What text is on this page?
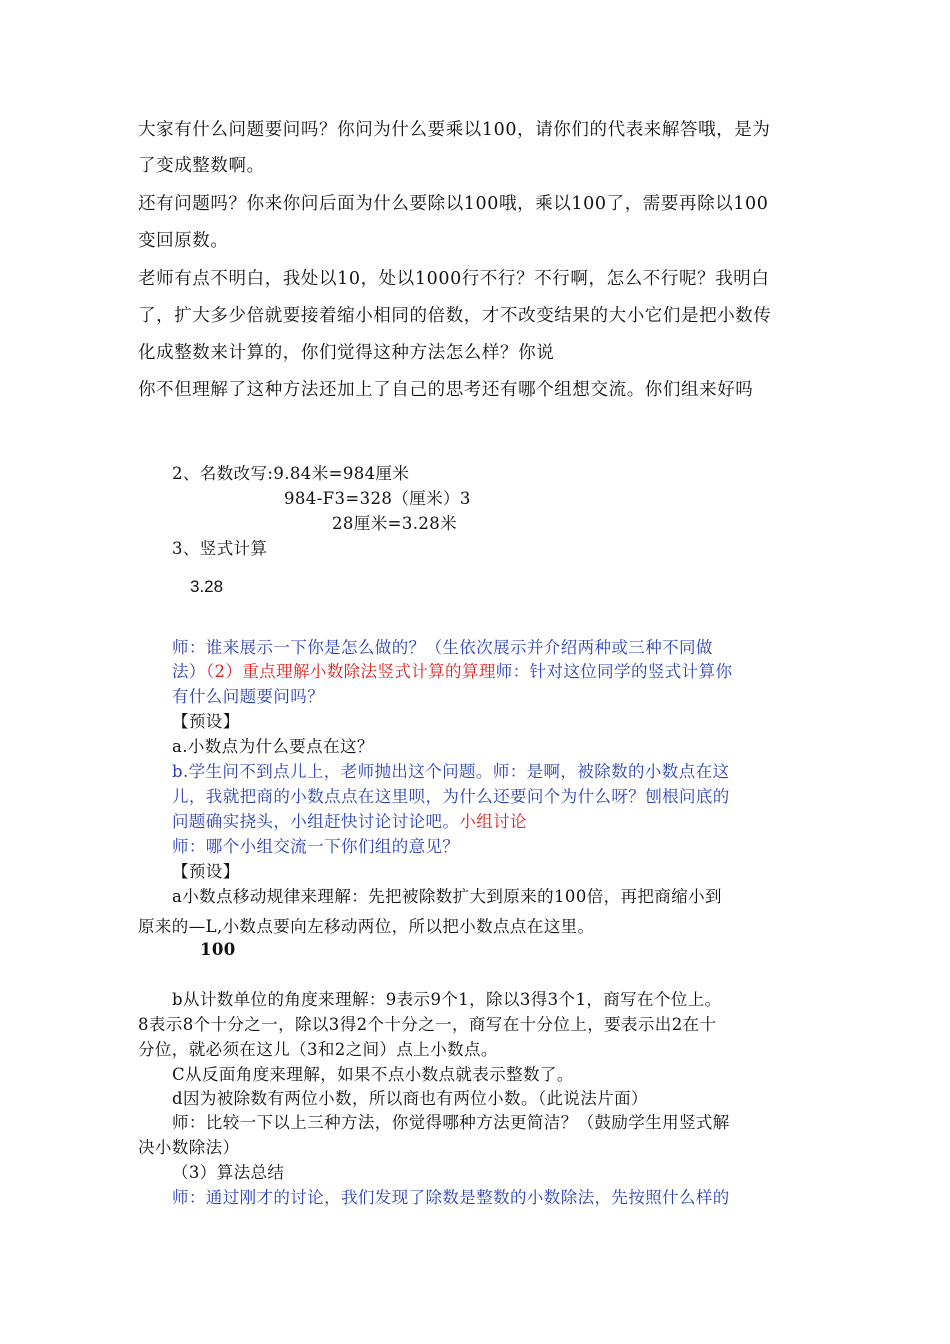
大家有什么问题要问吗？你问为什么要乘以100，请你们的代表来解答哦，是为
了变成整数啊。
还有问题吗？你来你问后面为什么要除以100哦，乘以100了，需要再除以100
变回原数。
老师有点不明白，我处以10，处以1000行不行？不行啊，怎么不行呢？我明白
了，扩大多少倍就要接着缩小相同的倍数，才不改变结果的大小它们是把小数传
化成整数来计算的，你们觉得这种方法怎么样？你说
你不但理解了这种方法还加上了自己的思考还有哪个组想交流。你们组来好吗
2、名数改写:9.84米=984厘米
984-F3=328（厘米）3
28厘米=3.28米
3、竖式计算
3.28
师：谁来展示一下你是怎么做的？（生依次展示并介绍两种或三种不同做
法）（2）重点理解小数除法竖式计算的算理师：针对这位同学的竖式计算你
有什么问题要问吗？
【预设】
a.小数点为什么要点在这？
b.学生问不到点儿上，老师抛出这个问题。师：是啊，被除数的小数点在这
儿，我就把商的小数点点在这里呗，为什么还要问个为什么呀？刨根问底的
问题确实挠头，小组赶快讨论讨论吧。小组讨论
师：哪个小组交流一下你们组的意见？
【预设】
a小数点移动规律来理解：先把被除数扩大到原来的100倍，再把商缩小到
原来的—L,小数点要向左移动两位，所以把小数点点在这里。
100
b从计数单位的角度来理解：9表示9个1，除以3得3个1，商写在个位上。
8表示8个十分之一，除以3得2个十分之一，商写在十分位上，要表示出2在十
分位，就必须在这儿（3和2之间）点上小数点。
C从反面角度来理解，如果不点小数点就表示整数了。
d因为被除数有两位小数，所以商也有两位小数。（此说法片面）
师：比较一下以上三种方法，你觉得哪种方法更简洁？（鼓励学生用竖式解
决小数除法）
（3）算法总结
师：通过刚才的讨论，我们发现了除数是整数的小数除法，先按照什么样的
